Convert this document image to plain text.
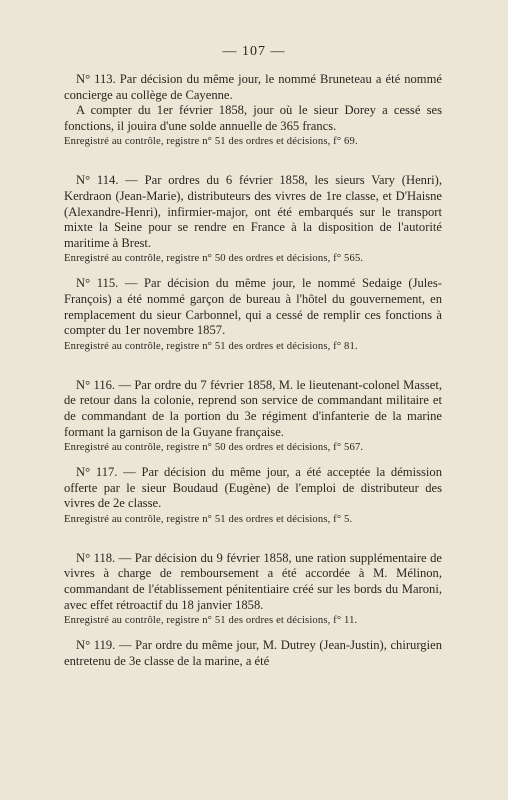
— 107 —

N° 113. Par décision du même jour, le nommé Bruneteau a été nommé concierge au collège de Cayenne.

A compter du 1er février 1858, jour où le sieur Dorey a cessé ses fonctions, il jouira d'une solde annuelle de 365 francs.

Enregistré au contrôle, registre n° 51 des ordres et décisions, f° 69.

N° 114. — Par ordres du 6 février 1858, les sieurs Vary (Henri), Kerdraon (Jean-Marie), distributeurs des vivres de 1re classe, et D'Haisne (Alexandre-Henri), infirmier-major, ont été embarqués sur le transport mixte la Seine pour se rendre en France à la disposition de l'autorité maritime à Brest.

Enregistré au contrôle, registre n° 50 des ordres et décisions, f° 565.

N° 115. — Par décision du même jour, le nommé Sedaige (Jules-François) a été nommé garçon de bureau à l'hôtel du gouvernement, en remplacement du sieur Carbonnel, qui a cessé de remplir ces fonctions à compter du 1er novembre 1857.

Enregistré au contrôle, registre n° 51 des ordres et décisions, f° 81.

N° 116. — Par ordre du 7 février 1858, M. le lieutenant-colonel Masset, de retour dans la colonie, reprend son service de commandant militaire et de commandant de la portion du 3e régiment d'infanterie de la marine formant la garnison de la Guyane française.

Enregistré au contrôle, registre n° 50 des ordres et décisions, f° 567.

N° 117. — Par décision du même jour, a été acceptée la démission offerte par le sieur Boudaud (Eugène) de l'emploi de distributeur des vivres de 2e classe.

Enregistré au contrôle, registre n° 51 des ordres et décisions, f° 5.

N° 118. — Par décision du 9 février 1858, une ration supplémentaire de vivres à charge de remboursement a été accordée à M. Mélinon, commandant de l'établissement pénitentiaire créé sur les bords du Maroni, avec effet rétroactif du 18 janvier 1858.

Enregistré au contrôle, registre n° 51 des ordres et décisions, f° 11.

N° 119. — Par ordre du même jour, M. Dutrey (Jean-Justin), chirurgien entretenu de 3e classe de la marine, a été
